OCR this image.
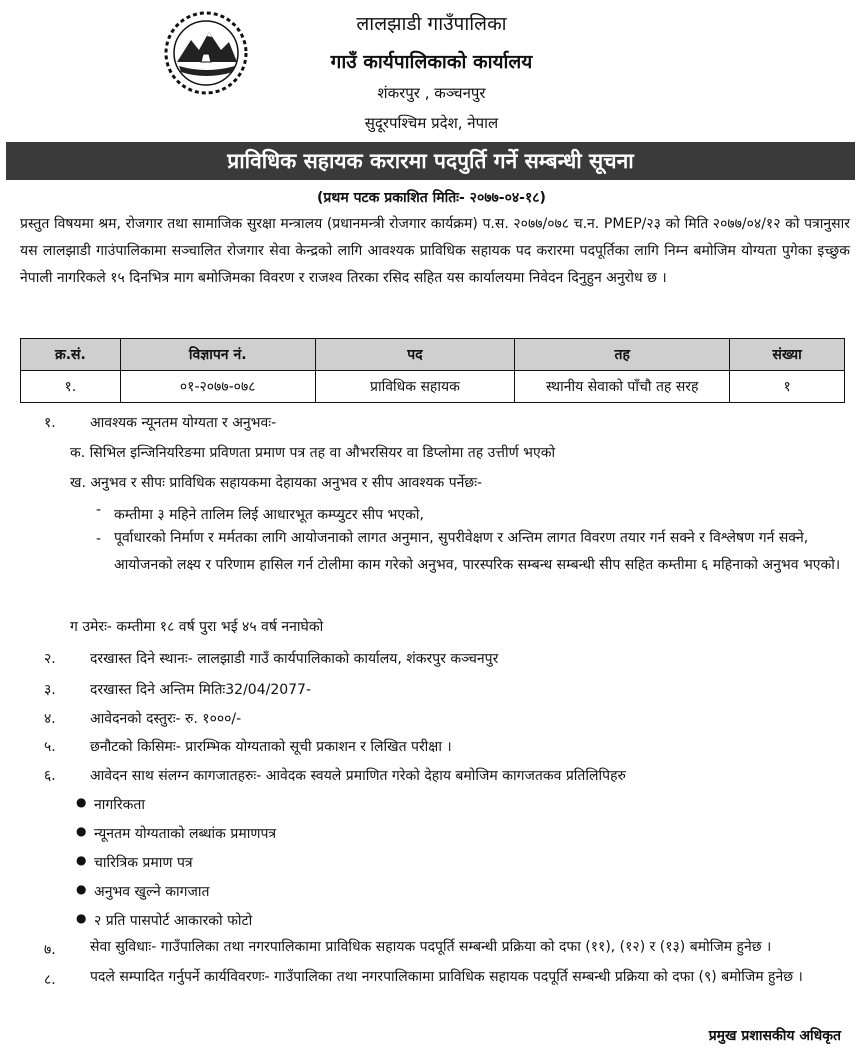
लालझाडी गाउँपालिका
गाउँ कार्यपालिकाको कार्यालय
शंकरपुर , कञ्चनपुर
सुदूरपश्चिम प्रदेश, नेपाल
प्राविधिक सहायक करारमा पदपुर्ति गर्ने सम्बन्धी सूचना
(प्रथम पटक प्रकाशित मितिः- २०७७-०४-१८)
प्रस्तुत विषयमा श्रम, रोजगार तथा सामाजिक सुरक्षा मन्त्रालय (प्रधानमन्त्री रोजगार कार्यक्रम) प.स. २०७७/०७८ च.न. PMEP/२३ को मिति २०७७/०४/१२ को पत्रानुसार यस लालझाडी गाउंपालिकामा सञ्चालित रोजगार सेवा केन्द्रको लागि आवश्यक प्राविधिक सहायक पद करारमा पदपूर्तिका लागि निम्न बमोजिम योग्यता पुगेका इच्छुक नेपाली नागरिकले १५ दिनभित्र माग बमोजिमका विवरण र राजश्व तिरका रसिद सहित यस कार्यालयमा निवेदन दिनुहुन अनुरोध छ ।
क्र.सं.	विज्ञापन नं.	पद	तह	संख्या
१.	०१-२०७७-०७८	प्राविधिक सहायक	स्थानीय सेवाको पाँचौ तह सरह	१
१. आवश्यक न्यूनतम योग्यता र अनुभवः-
क. सिभिल इन्जिनियरिङमा प्रविणता प्रमाण पत्र तह वा औभरसियर वा डिप्लोमा तह उत्तीर्ण भएको
ख. अनुभव र सीपः प्राविधिक सहायकमा देहायका अनुभव र सीप आवश्यक पर्नेछः-
- कम्तीमा ३ महिने तालिम लिई आधारभूत कम्प्युटर सीप भएको,
- पूर्वाधारको निर्माण र मर्मतका लागि आयोजनाको लागत अनुमान, सुपरीवेक्षण र अन्तिम लागत विवरण तयार गर्न सक्ने र विश्लेषण गर्न सक्ने, आयोजनको लक्ष्य र परिणाम हासिल गर्न टोलीमा काम गरेको अनुभव, पारस्परिक सम्बन्ध सम्बन्धी सीप सहित कम्तीमा ६ महिनाको अनुभव भएको।
ग उमेरः- कम्तीमा १८ वर्ष पुरा भई ४५ वर्ष ननाघेको
२. दरखास्त दिने स्थानः- लालझाडी गाउँ कार्यपालिकाको कार्यालय, शंकरपुर कञ्चनपुर
३. दरखास्त दिने अन्तिम मितिः32/04/2077-
४. आवेदनको दस्तुरः- रु. १०००/-
५. छनौटको किसिमः- प्रारम्भिक योग्यताको सूची प्रकाशन र लिखित परीक्षा ।
६. आवेदन साथ संलग्न कागजातहरुः- आवेदक स्वयले प्रमाणित गरेको देहाय बमोजिम कागजतकव प्रतिलिपिहरु
● नागरिकता
● न्यूनतम योग्यताको लब्धांक प्रमाणपत्र
● चारित्रिक प्रमाण पत्र
● अनुभव खुल्ने कागजात
● २ प्रति पासपोर्ट आकारको फोटो
७. सेवा सुविधाः- गाउँपालिका तथा नगरपालिकामा प्राविधिक सहायक पदपूर्ति सम्बन्धी प्रक्रिया को दफा (११), (१२) र (१३) बमोजिम हुनेछ ।
८. पदले सम्पादित गर्नुपर्ने कार्यविवरणः- गाउँपालिका तथा नगरपालिकामा प्राविधिक सहायक पदपूर्ति सम्बन्धी प्रक्रिया को दफा (९) बमोजिम हुनेछ ।
प्रमुख प्रशासकीय अधिकृत
